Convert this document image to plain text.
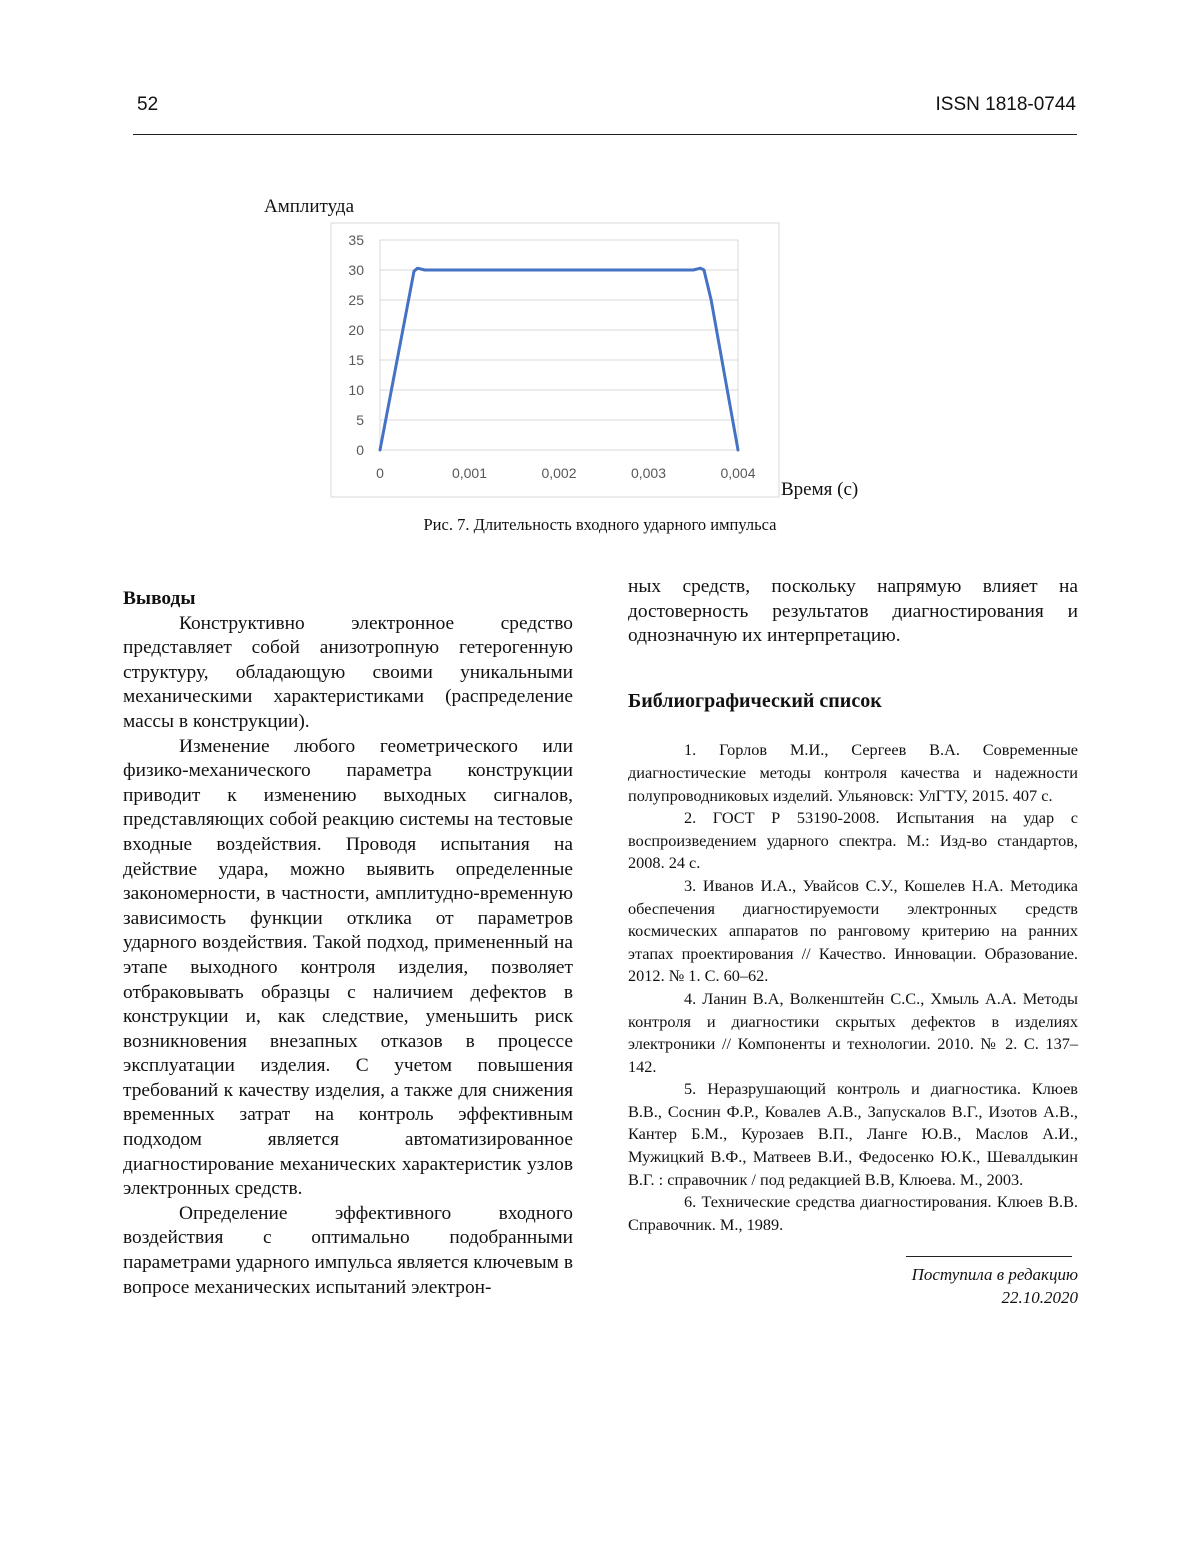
52	ISSN 1818-0744
Амплитуда
0
5
10
15
20
25
30
35
0	0,001	0,002	0,003	0,004
Время (с)
Рис. 7. Длительность входного ударного импульса

Выводы

Конструктивно электронное средство представляет собой анизотропную гетерогенную структуру, обладающую своими уникальными механическими характеристиками (распределение массы в конструкции).

Изменение любого геометрического или физико-механического параметра конструкции приводит к изменению выходных сигналов, представляющих собой реакцию системы на тестовые входные воздействия. Проводя испытания на действие удара, можно выявить определенные закономерности, в частности, амплитудно-временную зависимость функции отклика от параметров ударного воздействия. Такой подход, примененный на этапе выходного контроля изделия, позволяет отбраковывать образцы с наличием дефектов в конструкции и, как следствие, уменьшить риск возникновения внезапных отказов в процессе эксплуатации изделия. С учетом повышения требований к качеству изделия, а также для снижения временных затрат на контроль эффективным подходом является автоматизированное диагностирование механических характеристик узлов электронных средств.

Определение эффективного входного воздействия с оптимально подобранными параметрами ударного импульса является ключевым в вопросе механических испытаний электрон-

ных средств, поскольку напрямую влияет на достоверность результатов диагностирования и однозначную их интерпретацию.

Библиографический список

1. Горлов М.И., Сергеев В.А. Современные диагностические методы контроля качества и надежности полупроводниковых изделий. Ульяновск: УлГТУ, 2015. 407 с.

2. ГОСТ Р 53190-2008. Испытания на удар с воспроизведением ударного спектра. М.: Изд-во стандартов, 2008. 24 с.

3. Иванов И.А., Увайсов С.У., Кошелев Н.А. Методика обеспечения диагностируемости электронных средств космических аппаратов по ранговому критерию на ранних этапах проектирования // Качество. Инновации. Образование. 2012. № 1. С. 60–62.

4. Ланин В.А, Волкенштейн С.С., Хмыль А.А. Методы контроля и диагностики скрытых дефектов в изделиях электроники // Компоненты и технологии. 2010. № 2. С. 137–142.

5. Неразрушающий контроль и диагностика. Клюев В.В., Соснин Ф.Р., Ковалев А.В., Запускалов В.Г., Изотов А.В., Кантер Б.М., Курозаев В.П., Ланге Ю.В., Маслов А.И., Мужицкий В.Ф., Матвеев В.И., Федосенко Ю.К., Шевалдыкин В.Г. : справочник / под редакцией В.В, Клюева. М., 2003.

6. Технические средства диагностирования. Клюев В.В. Справочник. М., 1989.

Поступила в редакцию
22.10.2020
